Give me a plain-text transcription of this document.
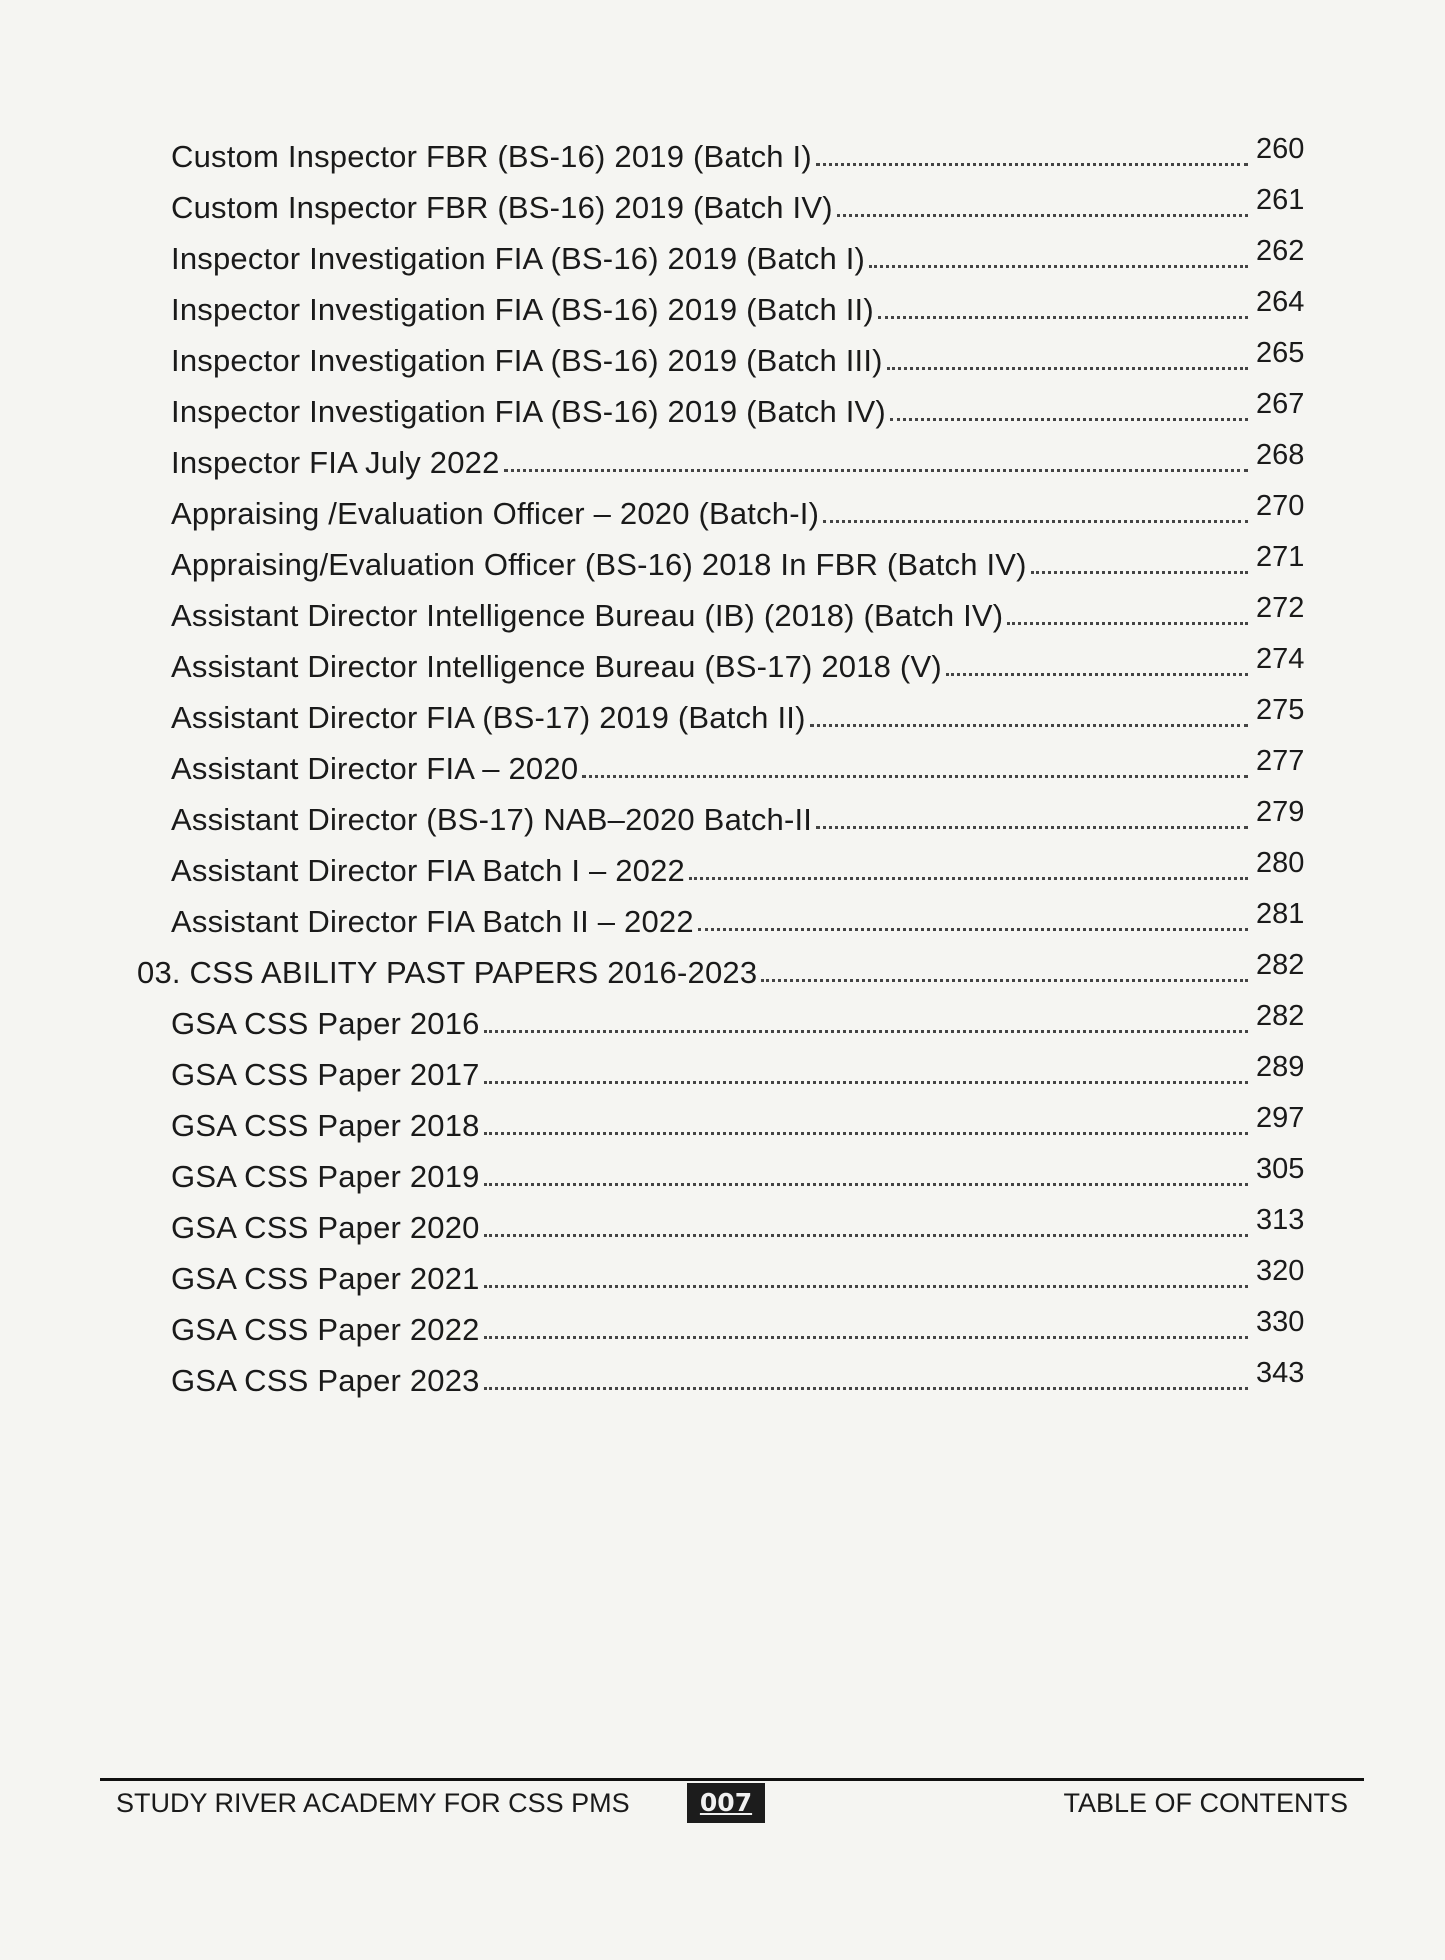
Custom Inspector FBR (BS-16) 2019 (Batch I)	260
Custom Inspector FBR (BS-16) 2019 (Batch IV)	261
Inspector Investigation FIA (BS-16) 2019 (Batch I)	262
Inspector Investigation FIA (BS-16) 2019 (Batch II)	264
Inspector Investigation FIA (BS-16) 2019 (Batch III)	265
Inspector Investigation FIA (BS-16) 2019 (Batch IV)	267
Inspector FIA July 2022	268
Appraising /Evaluation Officer – 2020 (Batch-I)	270
Appraising/Evaluation Officer (BS-16) 2018 In FBR (Batch IV)	271
Assistant Director Intelligence Bureau (IB) (2018) (Batch IV)	272
Assistant Director Intelligence Bureau (BS-17) 2018 (V)	274
Assistant Director FIA (BS-17) 2019 (Batch II)	275
Assistant Director FIA – 2020	277
Assistant Director (BS-17) NAB–2020 Batch-II	279
Assistant Director FIA Batch I – 2022	280
Assistant Director FIA Batch II – 2022	281
03. CSS ABILITY PAST PAPERS 2016-2023	282
GSA CSS Paper 2016	282
GSA CSS Paper 2017	289
GSA CSS Paper 2018	297
GSA CSS Paper 2019	305
GSA CSS Paper 2020	313
GSA CSS Paper 2021	320
GSA CSS Paper 2022	330
GSA CSS Paper 2023	343
STUDY RIVER ACADEMY FOR CSS PMS	007	TABLE OF CONTENTS
